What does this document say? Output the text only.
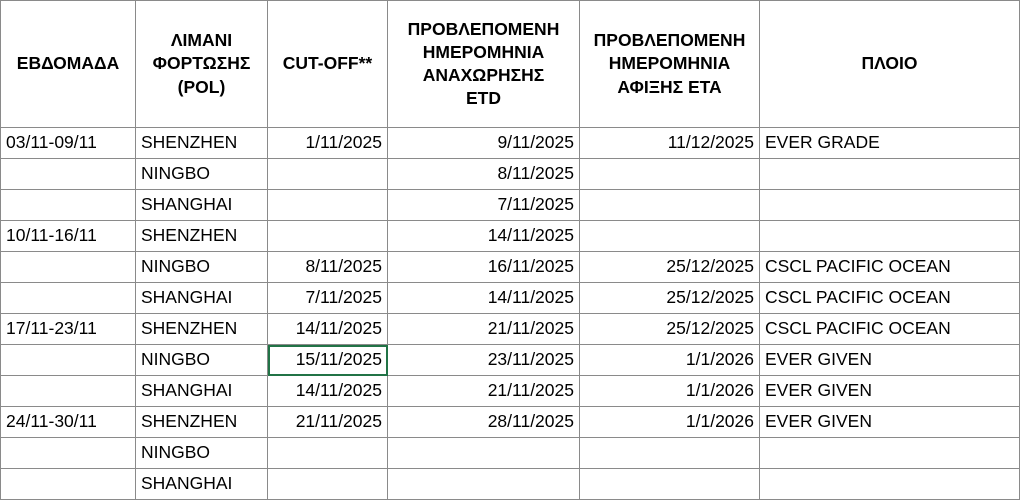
ΕΒΔΟΜΑΔΑ	ΛΙΜΑΝΙ
ΦΟΡΤΩΣΗΣ
(POL)	CUT-OFF**	ΠΡΟΒΛΕΠΟΜΕΝΗ
ΗΜΕΡΟΜΗΝΙΑ
ΑΝΑΧΩΡΗΣΗΣ
ETD	ΠΡΟΒΛΕΠΟΜΕΝΗ
ΗΜΕΡΟΜΗΝΙΑ
ΑΦΙΞΗΣ ETA	ΠΛΟΙΟ

03/11-09/11	SHENZHEN	1/11/2025	9/11/2025	11/12/2025	EVER GRADE
	NINGBO		8/11/2025		
	SHANGHAI		7/11/2025		
10/11-16/11	SHENZHEN		14/11/2025		
	NINGBO	8/11/2025	16/11/2025	25/12/2025	CSCL PACIFIC OCEAN
	SHANGHAI	7/11/2025	14/11/2025	25/12/2025	CSCL PACIFIC OCEAN
17/11-23/11	SHENZHEN	14/11/2025	21/11/2025	25/12/2025	CSCL PACIFIC OCEAN
	NINGBO	15/11/2025	23/11/2025	1/1/2026	EVER GIVEN
	SHANGHAI	14/11/2025	21/11/2025	1/1/2026	EVER GIVEN
24/11-30/11	SHENZHEN	21/11/2025	28/11/2025	1/1/2026	EVER GIVEN
	NINGBO				
	SHANGHAI				
